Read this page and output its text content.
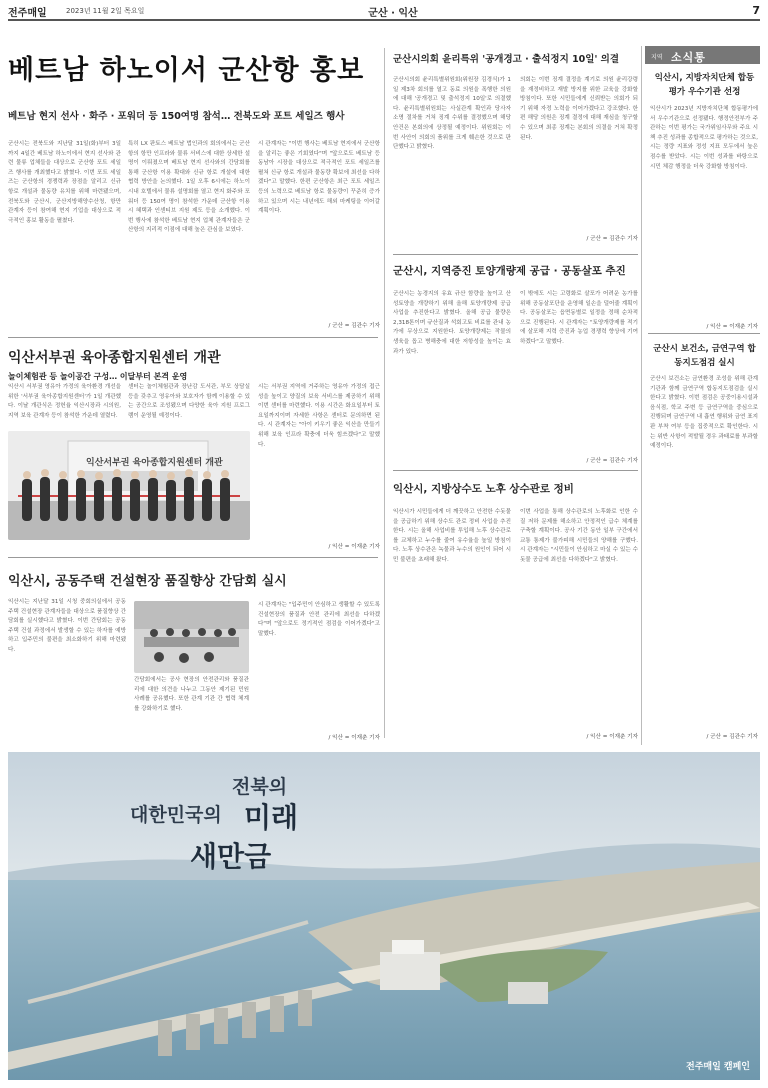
전주매일	2023년 11월 2일 목요일	군산 · 익산	7
베트남 하노이서 군산항 홍보
베트남 현지 선사 · 화주 · 포워더 등 150여명 참석… 전북도와 포트 세일즈 행사
군산시는 전북도와 지난달 31일(화)부터 3일까지 4일간 베트남 하노이에서 현지 선사와 관련 물류 업체들을 대상으로 군산항 포트 세일즈 행사를 개최했다고 밝혔다. 이번 포트 세일즈는 군산항의 경쟁력과 장점을 알리고 신규 항로 개설과 물동량 유치를 위해 마련됐으며, 전북도와 군산시, 군산지방해양수산청, 항만 관계자 등이 참여해 현지 기업을 대상으로 적극적인 홍보 활동을 펼쳤다.
특히 LX 판토스 베트남 법인과의 회의에서는 군산항의 항만 인프라와 물류 서비스에 대한 상세한 설명이 이뤄졌으며 베트남 현지 선사와의 간담회를 통해 군산항 이용 확대와 신규 항로 개설에 대한 협력 방안을 논의했다. 1일 오후 6시에는 하노이 시내 호텔에서 물류 설명회를 열고 현지 화주와 포워더 등 150여 명이 참석한 가운데 군산항 이용 시 혜택과 인센티브 지원 제도 등을 소개했다. 이번 행사에 참석한 베트남 현지 업체 관계자들은 군산항의 지리적 이점에 대해 높은 관심을 보였다.
시 관계자는 "이번 행사는 베트남 현지에서 군산항을 알리는 좋은 기회였다"며 "앞으로도 베트남 등 동남아 시장을 대상으로 적극적인 포트 세일즈를 펼쳐 신규 항로 개설과 물동량 확보에 최선을 다하겠다"고 말했다. 한편 군산항은 최근 포트 세일즈 등의 노력으로 베트남 항로 물동량이 꾸준히 증가하고 있으며 시는 내년에도 해외 마케팅을 이어갈 계획이다.
/ 군산 = 김관수 기자
군산시의회 윤리특위 '공개경고 · 출석정지 10일' 의결
군산시의회 윤리특별위원회(위원장 김경식)가 1일 제3차 회의를 열고 동료 의원을 폭행한 의원에 대해 '공개경고 및 출석정지 10일'로 의결했다. 윤리특별위원회는 사실관계 확인과 당사자 소명 절차를 거쳐 징계 수위를 결정했으며 해당 안건은 본회의에 상정될 예정이다. 위원회는 이번 사안이 의회의 품위를 크게 훼손한 것으로 판단했다고 밝혔다.
의회는 이번 징계 결정을 계기로 의원 윤리강령을 재정비하고 재발 방지를 위한 교육을 강화할 방침이다. 또한 시민들에게 신뢰받는 의회가 되기 위해 자정 노력을 이어가겠다고 강조했다. 한편 해당 의원은 징계 결정에 대해 재심을 청구할 수 있으며 최종 징계는 본회의 의결을 거쳐 확정된다.
/ 군산 = 김관수 기자
익산서부권 육아종합지원센터 개관
놀이체험관 등 놀이공간 구성… 이달부터 본격 운영
익산시 서부권 영유아 가정의 육아환경 개선을 위한 '서부권 육아종합지원센터'가 1일 개관했다. 이날 개관식은 정헌율 익산시장과 시의원, 지역 보육 관계자 등이 참석한 가운데 열렸다.
센터는 놀이체험관과 장난감 도서관, 부모 상담실 등을 갖추고 영유아와 보호자가 함께 이용할 수 있는 공간으로 조성됐으며 다양한 육아 지원 프로그램이 운영될 예정이다.
시는 서부권 지역에 거주하는 영유아 가정의 접근성을 높이고 양질의 보육 서비스를 제공하기 위해 이번 센터를 마련했다. 이용 시간은 화요일부터 토요일까지이며 자세한 사항은 센터로 문의하면 된다. 시 관계자는 "아이 키우기 좋은 익산을 만들기 위해 보육 인프라 확충에 더욱 힘쓰겠다"고 말했다.
/ 익산 = 이재춘 기자
익산서부권 육아종합지원센터 개관
군산시, 지역증진 토양개량제 공급 · 공동살포 추진
군산시는 농경지의 유효 규산 함량을 높이고 산성토양을 개량하기 위해 올해 토양개량제 공급 사업을 추진한다고 밝혔다. 올해 공급 물량은 2,318톤이며 규산질과 석회고토 비료를 관내 농가에 무상으로 지원한다. 토양개량제는 작물의 생육을 돕고 병해충에 대한 저항성을 높이는 효과가 있다.
이 밖에도 시는 고령화로 살포가 어려운 농가를 위해 공동살포단을 운영해 일손을 덜어줄 계획이다. 공동살포는 읍면동별로 일정을 정해 순차적으로 진행된다. 시 관계자는 "토양개량제를 적기에 살포해 지력 증진과 농업 경쟁력 향상에 기여하겠다"고 말했다.
/ 군산 = 김관수 기자
익산시, 지방상수도 노후 상수관로 정비
익산시가 시민들에게 더 깨끗하고 안전한 수돗물을 공급하기 위해 상수도 관로 정비 사업을 추진한다. 시는 올해 사업비를 투입해 노후 상수관로를 교체하고 누수를 줄여 유수율을 높일 방침이다. 노후 상수관은 녹물과 누수의 원인이 되어 시민 불편을 초래해 왔다.
이번 사업을 통해 상수관로의 노후화로 인한 수질 저하 문제를 해소하고 안정적인 급수 체계를 구축할 계획이다. 공사 기간 동안 일부 구간에서 교통 통제가 불가피해 시민들의 양해를 구했다. 시 관계자는 "시민들이 안심하고 마실 수 있는 수돗물 공급에 최선을 다하겠다"고 밝혔다.
/ 익산 = 이재춘 기자
익산시, 공동주택 건설현장 품질향상 간담회 실시
익산시는 지난달 31일 시청 중회의실에서 공동주택 건설현장 관계자들을 대상으로 품질향상 간담회를 실시했다고 밝혔다. 이번 간담회는 공동주택 건설 과정에서 발생할 수 있는 하자를 예방하고 입주민의 불편을 최소화하기 위해 마련됐다.
간담회에서는 공사 현장의 안전관리와 품질관리에 대한 의견을 나누고 그동안 제기된 민원 사례를 공유했다. 또한 관계 기관 간 협력 체계를 강화하기로 했다.
시 관계자는 "입주민이 안심하고 생활할 수 있도록 건설현장의 품질과 안전 관리에 최선을 다하겠다"며 "앞으로도 정기적인 점검을 이어가겠다"고 말했다.
/ 익산 = 이재춘 기자
지역 소식통
익산시, 지방자치단체 합동평가 우수기관 선정
익산시가 2023년 지방자치단체 합동평가에서 우수기관으로 선정됐다. 행정안전부가 주관하는 이번 평가는 국가위임사무와 주요 시책 추진 성과를 종합적으로 평가하는 것으로, 시는 정량 지표와 정성 지표 모두에서 높은 점수를 받았다. 시는 이번 성과를 바탕으로 시민 체감 행정을 더욱 강화할 방침이다.
/ 익산 = 이재춘 기자
군산시 보건소, 금연구역 합동지도점검 실시
군산시 보건소는 금연환경 조성을 위해 관계 기관과 함께 금연구역 합동지도점검을 실시한다고 밝혔다. 이번 점검은 공중이용시설과 음식점, 학교 주변 등 금연구역을 중심으로 진행되며 금연구역 내 흡연 행위와 금연 표지판 부착 여부 등을 집중적으로 확인한다. 시는 위반 사항이 적발될 경우 과태료를 부과할 예정이다.
/ 군산 = 김관수 기자
전북의
대한민국의 미래
새만금
전주매일 캠페인
